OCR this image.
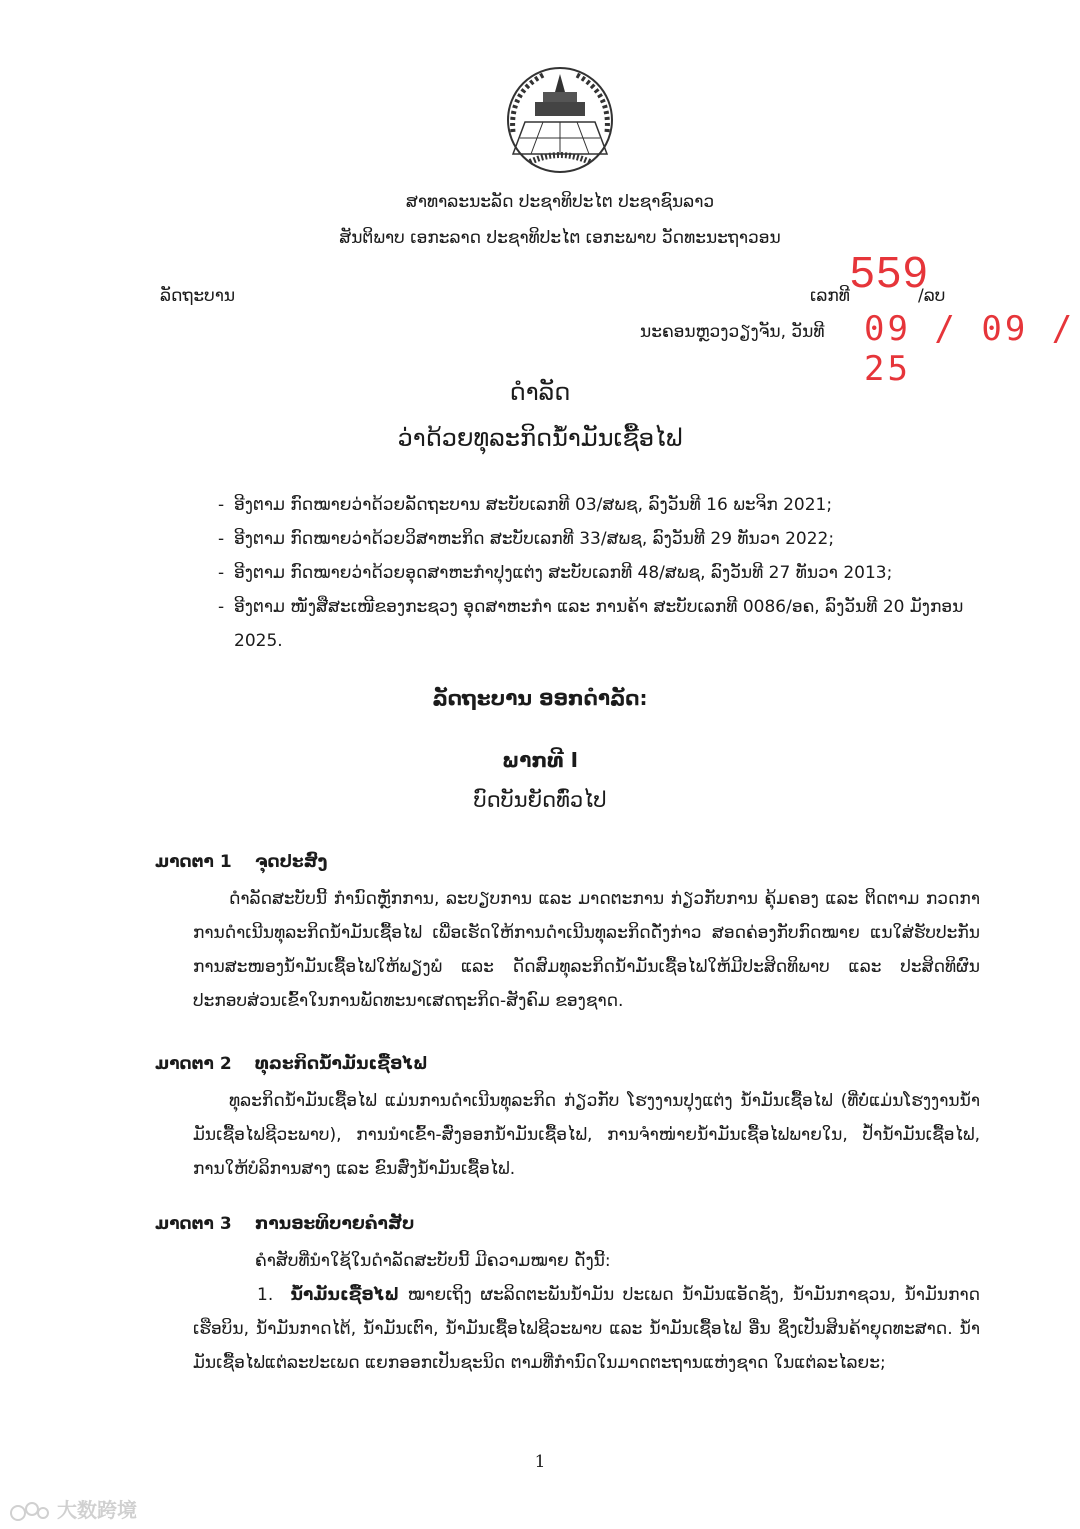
ສາທາລະນະລັດ ປະຊາທິປະໄຕ ປະຊາຊົນລາວ
ສັນຕິພາບ ເອກະລາດ ປະຊາທິປະໄຕ ເອກະພາບ ວັດທະນະຖາວອນ
ລັດຖະບານ	ເລກທີ	/ລບ
559
ນະຄອນຫຼວງວຽງຈັນ, ວັນທີ 09 / 09 / 25
ດຳລັດ
ວ່າດ້ວຍທຸລະກິດນ້ຳມັນເຊື້ອໄຟ
- ອີງຕາມ ກົດໝາຍວ່າດ້ວຍລັດຖະບານ ສະບັບເລກທີ 03/ສພຊ, ລົງວັນທີ 16 ພະຈິກ 2021;
- ອີງຕາມ ກົດໝາຍວ່າດ້ວຍວິສາຫະກິດ ສະບັບເລກທີ 33/ສພຊ, ລົງວັນທີ 29 ທັນວາ 2022;
- ອີງຕາມ ກົດໝາຍວ່າດ້ວຍອຸດສາຫະກຳປຸງແຕ່ງ ສະບັບເລກທີ 48/ສພຊ, ລົງວັນທີ 27 ທັນວາ 2013;
- ອີງຕາມ ໜັງສືສະເໜີຂອງກະຊວງ ອຸດສາຫະກຳ ແລະ ການຄ້າ ສະບັບເລກທີ 0086/ອຄ, ລົງວັນທີ 20 ມັງກອນ 2025.
ລັດຖະບານ ອອກດຳລັດ:
ພາກທີ I
ບົດບັນຍັດທົ່ວໄປ
ມາດຕາ 1 ຈຸດປະສົງ
ດຳລັດສະບັບນີ້ ກຳນົດຫຼັກການ, ລະບຽບການ ແລະ ມາດຕະການ ກ່ຽວກັບການ ຄຸ້ມຄອງ ແລະ ຕິດຕາມ ກວດກາ ການດຳເນີນທຸລະກິດນ້ຳມັນເຊື້ອໄຟ ເພື່ອເຮັດໃຫ້ການດຳເນີນທຸລະກິດດັ່ງກ່າວ ສອດຄ່ອງກັບກົດໝາຍ ແນໃສ່ຮັບປະກັນການສະໜອງນ້ຳມັນເຊື້ອໄຟໃຫ້ພຽງພໍ ແລະ ດັດສົມທຸລະກິດນ້ຳມັນເຊື້ອໄຟໃຫ້ມີປະສິດທິພາບ ແລະ ປະສິດທິຜົນ ປະກອບສ່ວນເຂົ້າໃນການພັດທະນາເສດຖະກິດ-ສັງຄົມ ຂອງຊາດ.
ມາດຕາ 2 ທຸລະກິດນ້ຳມັນເຊື້ອໄຟ
ທຸລະກິດນ້ຳມັນເຊື້ອໄຟ ແມ່ນການດຳເນີນທຸລະກິດ ກ່ຽວກັບ ໂຮງງານປຸງແຕ່ງ ນ້ຳມັນເຊື້ອໄຟ (ທີ່ບໍ່ແມ່ນໂຮງງານນ້ຳມັນເຊື້ອໄຟຊີວະພາບ), ການນຳເຂົ້າ-ສົ່ງອອກນ້ຳມັນເຊື້ອໄຟ, ການຈຳໜ່າຍນ້ຳມັນເຊື້ອໄຟພາຍໃນ, ປ້ຳນ້ຳມັນເຊື້ອໄຟ, ການໃຫ້ບໍລິການສາງ ແລະ ຂົນສົ່ງນ້ຳມັນເຊື້ອໄຟ.
ມາດຕາ 3 ການອະທິບາຍຄຳສັບ
ຄຳສັບທີ່ນຳໃຊ້ໃນດຳລັດສະບັບນີ້ ມີຄວາມໝາຍ ດັ່ງນີ້:
1. ນ້ຳມັນເຊື້ອໄຟ ໝາຍເຖິງ ຜະລິດຕະພັນນ້ຳມັນ ປະເພດ ນ້ຳມັນແອັດຊັງ, ນ້ຳມັນກາຊວນ, ນ້ຳມັນກາດເຮືອບິນ, ນ້ຳມັນກາດໄຕ້, ນ້ຳມັນເຕົາ, ນ້ຳມັນເຊື້ອໄຟຊີວະພາບ ແລະ ນ້ຳມັນເຊື້ອໄຟ ອື່ນ ຊຶ່ງເປັນສິນຄ້າຍຸດທະສາດ. ນ້ຳມັນເຊື້ອໄຟແຕ່ລະປະເພດ ແຍກອອກເປັນຊະນິດ ຕາມທີ່ກຳນົດໃນມາດຕະຖານແຫ່ງຊາດ ໃນແຕ່ລະໄລຍະ;
1
大数跨境
